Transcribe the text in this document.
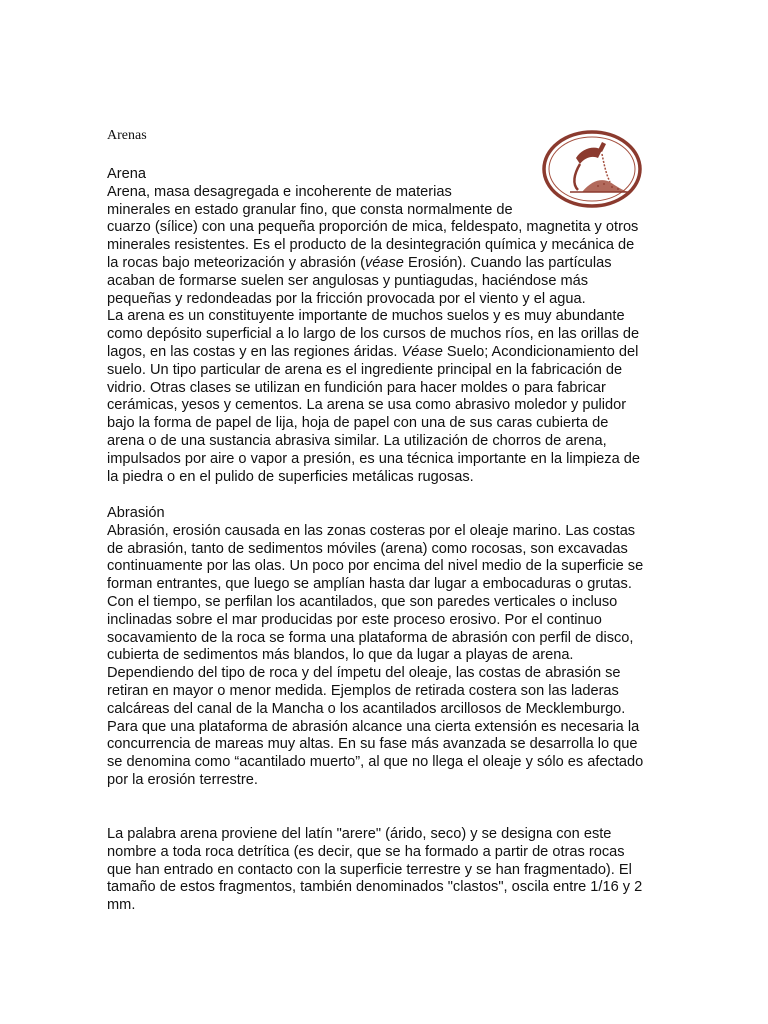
Arenas
Arena
Arena, masa desagregada e incoherente de materias
minerales en estado granular fino, que consta normalmente de
cuarzo (sílice) con una pequeña proporción de mica, feldespato, magnetita y otros
minerales resistentes. Es el producto de la desintegración química y mecánica de
la rocas bajo meteorización y abrasión (véase Erosión). Cuando las partículas
acaban de formarse suelen ser angulosas y puntiagudas, haciéndose más
pequeñas y redondeadas por la fricción provocada por el viento y el agua.
La arena es un constituyente importante de muchos suelos y es muy abundante
como depósito superficial a lo largo de los cursos de muchos ríos, en las orillas de
lagos, en las costas y en las regiones áridas. Véase Suelo; Acondicionamiento del
suelo. Un tipo particular de arena es el ingrediente principal en la fabricación de
vidrio. Otras clases se utilizan en fundición para hacer moldes o para fabricar
cerámicas, yesos y cementos. La arena se usa como abrasivo moledor y pulidor
bajo la forma de papel de lija, hoja de papel con una de sus caras cubierta de
arena o de una sustancia abrasiva similar. La utilización de chorros de arena,
impulsados por aire o vapor a presión, es una técnica importante en la limpieza de
la piedra o en el pulido de superficies metálicas rugosas.
Abrasión
Abrasión, erosión causada en las zonas costeras por el oleaje marino. Las costas
de abrasión, tanto de sedimentos móviles (arena) como rocosas, son excavadas
continuamente por las olas. Un poco por encima del nivel medio de la superficie se
forman entrantes, que luego se amplían hasta dar lugar a embocaduras o grutas.
Con el tiempo, se perfilan los acantilados, que son paredes verticales o incluso
inclinadas sobre el mar producidas por este proceso erosivo. Por el continuo
socavamiento de la roca se forma una plataforma de abrasión con perfil de disco,
cubierta de sedimentos más blandos, lo que da lugar a playas de arena.
Dependiendo del tipo de roca y del ímpetu del oleaje, las costas de abrasión se
retiran en mayor o menor medida. Ejemplos de retirada costera son las laderas
calcáreas del canal de la Mancha o los acantilados arcillosos de Mecklemburgo.
Para que una plataforma de abrasión alcance una cierta extensión es necesaria la
concurrencia de mareas muy altas. En su fase más avanzada se desarrolla lo que
se denomina como “acantilado muerto”, al que no llega el oleaje y sólo es afectado
por la erosión terrestre.
La palabra arena proviene del latín "arere" (árido, seco) y se designa con este
nombre a toda roca detrítica (es decir, que se ha formado a partir de otras rocas
que han entrado en contacto con la superficie terrestre y se han fragmentado). El
tamaño de estos fragmentos, también denominados "clastos", oscila entre 1/16 y 2
mm.
